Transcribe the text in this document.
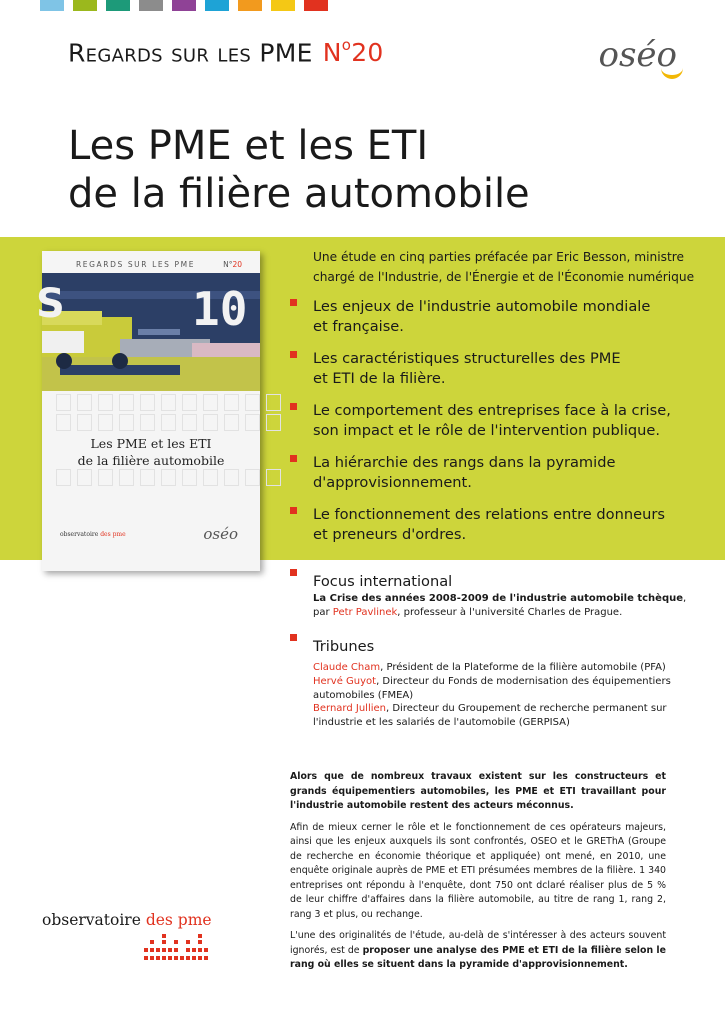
Regards sur les PME $N^o20$	oséo
Les PME et les ETI
de la filière automobile
REGARDS SUR LES PME	N°20
10
S
Les PME et les ETI
de la filière automobile
observatoire des pme	oséo
Une étude en cinq parties préfacée par Eric Besson, ministre
chargé de l'Industrie, de l'Énergie et de l'Économie numérique
Les enjeux de l'industrie automobile mondiale
et française.
Les caractéristiques structurelles des PME
et ETI de la filière.
Le comportement des entreprises face à la crise,
son impact et le rôle de l'intervention publique.
La hiérarchie des rangs dans la pyramide
d'approvisionnement.
Le fonctionnement des relations entre donneurs
et preneurs d'ordres.
Focus international
La Crise des années 2008-2009 de l'industrie automobile tchèque,
par Petr Pavlinek, professeur à l'université Charles de Prague.
Tribunes
Claude Cham, Président de la Plateforme de la filière automobile (PFA)
Hervé Guyot, Directeur du Fonds de modernisation des équipementiers
automobiles (FMEA)
Bernard Jullien, Directeur du Groupement de recherche permanent sur
l'industrie et les salariés de l'automobile (GERPISA)

Alors que de nombreux travaux existent sur les constructeurs et grands équipementiers automobiles, les PME et ETI travaillant pour l'industrie automobile restent des acteurs méconnus.

Afin de mieux cerner le rôle et le fonctionnement de ces opérateurs majeurs, ainsi que les enjeux auxquels ils sont confrontés, OSEO et le GREThA (Groupe de recherche en économie théorique et appliquée) ont mené, en 2010, une enquête originale auprès de PME et ETI présumées membres de la filière. 1 340 entreprises ont répondu à l'enquête, dont 750 ont dclaré réaliser plus de 5 % de leur chiffre d'affaires dans la filière automobile, au titre de rang 1, rang 2, rang 3 et plus, ou rechange.

L'une des originalités de l'étude, au-delà de s'intéresser à des acteurs souvent ignorés, est de proposer une analyse des PME et ETI de la filière selon le rang où elles se situent dans la pyramide d'approvisionnement.

observatoire des pme
